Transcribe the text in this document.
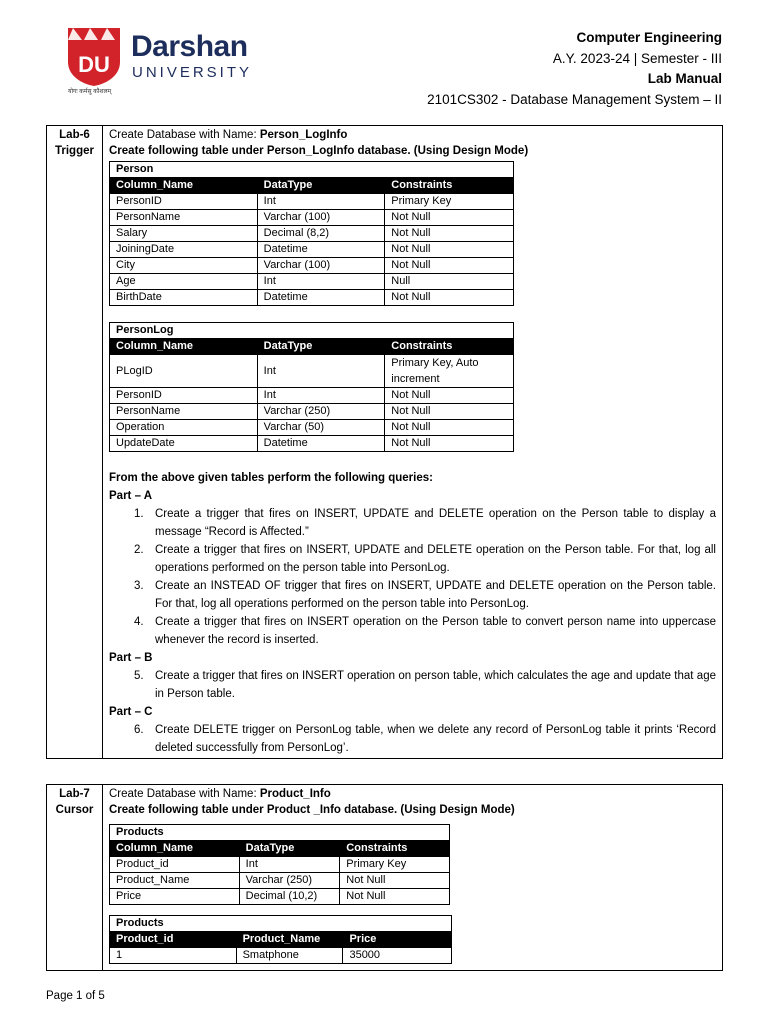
DU
Darshan
UNIVERSITY
योगः कर्मसु कौशलम्
Computer Engineering
A.Y. 2023-24 | Semester - III
Lab Manual
2101CS302 - Database Management System – II
Lab-6
Trigger
Create Database with Name: Person_LogInfo
Create following table under Person_LogInfo database. (Using Design Mode)
Person		
Column_Name	DataType	Constraints
PersonID	Int	Primary Key
PersonName	Varchar (100)	Not Null
Salary	Decimal (8,2)	Not Null
JoiningDate	Datetime	Not Null
City	Varchar (100)	Not Null
Age	Int	Null
BirthDate	Datetime	Not Null
PersonLog		
Column_Name	DataType	Constraints
PLogID	Int	Primary Key, Auto increment
PersonID	Int	Not Null
PersonName	Varchar (250)	Not Null
Operation	Varchar (50)	Not Null
UpdateDate	Datetime	Not Null
From the above given tables perform the following queries:
Part – A
1. Create a trigger that fires on INSERT, UPDATE and DELETE operation on the Person table to display a message “Record is Affected.”
2. Create a trigger that fires on INSERT, UPDATE and DELETE operation on the Person table. For that, log all operations performed on the person table into PersonLog.
3. Create an INSTEAD OF trigger that fires on INSERT, UPDATE and DELETE operation on the Person table. For that, log all operations performed on the person table into PersonLog.
4. Create a trigger that fires on INSERT operation on the Person table to convert person name into uppercase whenever the record is inserted.
Part – B
5. Create a trigger that fires on INSERT operation on person table, which calculates the age and update that age in Person table.
Part – C
6. Create DELETE trigger on PersonLog table, when we delete any record of PersonLog table it prints ‘Record deleted successfully from PersonLog’.
Lab-7
Cursor
Create Database with Name: Product_Info
Create following table under Product _Info database. (Using Design Mode)
Products		
Column_Name	DataType	Constraints
Product_id	Int	Primary Key
Product_Name	Varchar (250)	Not Null
Price	Decimal (10,2)	Not Null
Products		
Product_id	Product_Name	Price
1	Smatphone	35000
Page 1 of 5
